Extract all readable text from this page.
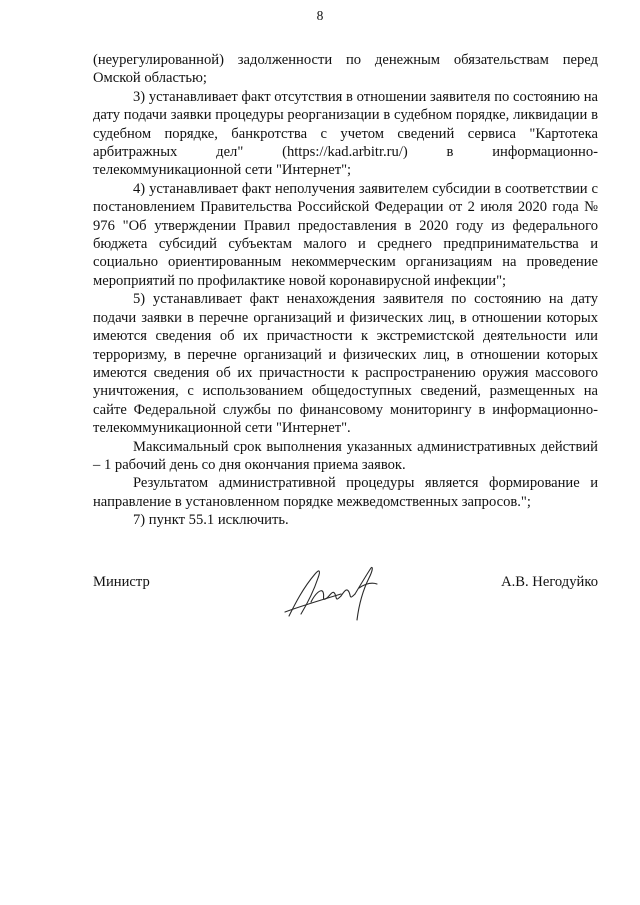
8

(неурегулированной) задолженности по денежным обязательствам перед Омской областью;

3) устанавливает факт отсутствия в отношении заявителя по состоянию на дату подачи заявки процедуры реорганизации в судебном порядке, ликвидации в судебном порядке, банкротства с учетом сведений сервиса "Картотека арбитражных дел" (https://kad.arbitr.ru/) в информационно-телекоммуникационной сети "Интернет";

4) устанавливает факт неполучения заявителем субсидии в соответствии с постановлением Правительства Российской Федерации от 2 июля 2020 года № 976 "Об утверждении Правил предоставления в 2020 году из федерального бюджета субсидий субъектам малого и среднего предпринимательства и социально ориентированным некоммерческим организациям на проведение мероприятий по профилактике новой коронавирусной инфекции";

5) устанавливает факт ненахождения заявителя по состоянию на дату подачи заявки в перечне организаций и физических лиц, в отношении которых имеются сведения об их причастности к экстремистской деятельности или терроризму, в перечне организаций и физических лиц, в отношении которых имеются сведения об их причастности к распространению оружия массового уничтожения, с использованием общедоступных сведений, размещенных на сайте Федеральной службы по финансовому мониторингу в информационно-телекоммуникационной сети "Интернет".

Максимальный срок выполнения указанных административных действий – 1 рабочий день со дня окончания приема заявок.

Результатом административной процедуры является формирование и направление в установленном порядке межведомственных запросов.";

7) пункт 55.1 исключить.

Министр	А.В. Негодуйко
